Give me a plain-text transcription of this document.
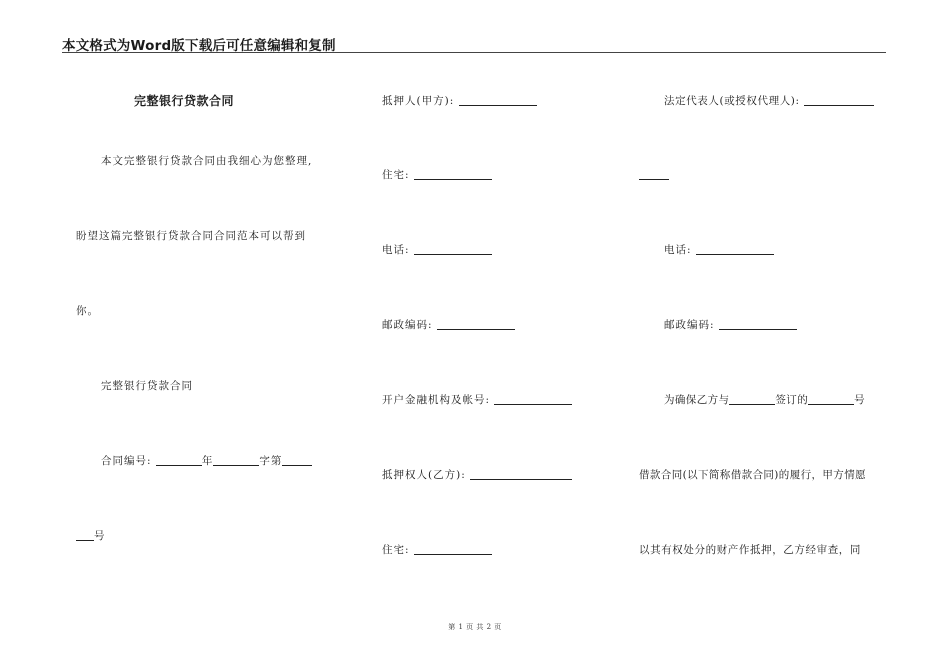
本文格式为Word版下载后可任意编辑和复制
完整银行贷款合同
本文完整银行贷款合同由我细心为您整理,
盼望这篇完整银行贷款合同合同范本可以帮到
你。
完整银行贷款合同
合同编号:	年	字第
号
抵押人(甲方):
住宅:
电话:
邮政编码:
开户金融机构及帐号:
抵押权人(乙方):
住宅:
法定代表人(或授权代理人):
电话:
邮政编码:
为确保乙方与	签订的	号
借款合同(以下简称借款合同)的履行，甲方情愿
以其有权处分的财产作抵押，乙方经审查，同
第 1 页 共 2 页
